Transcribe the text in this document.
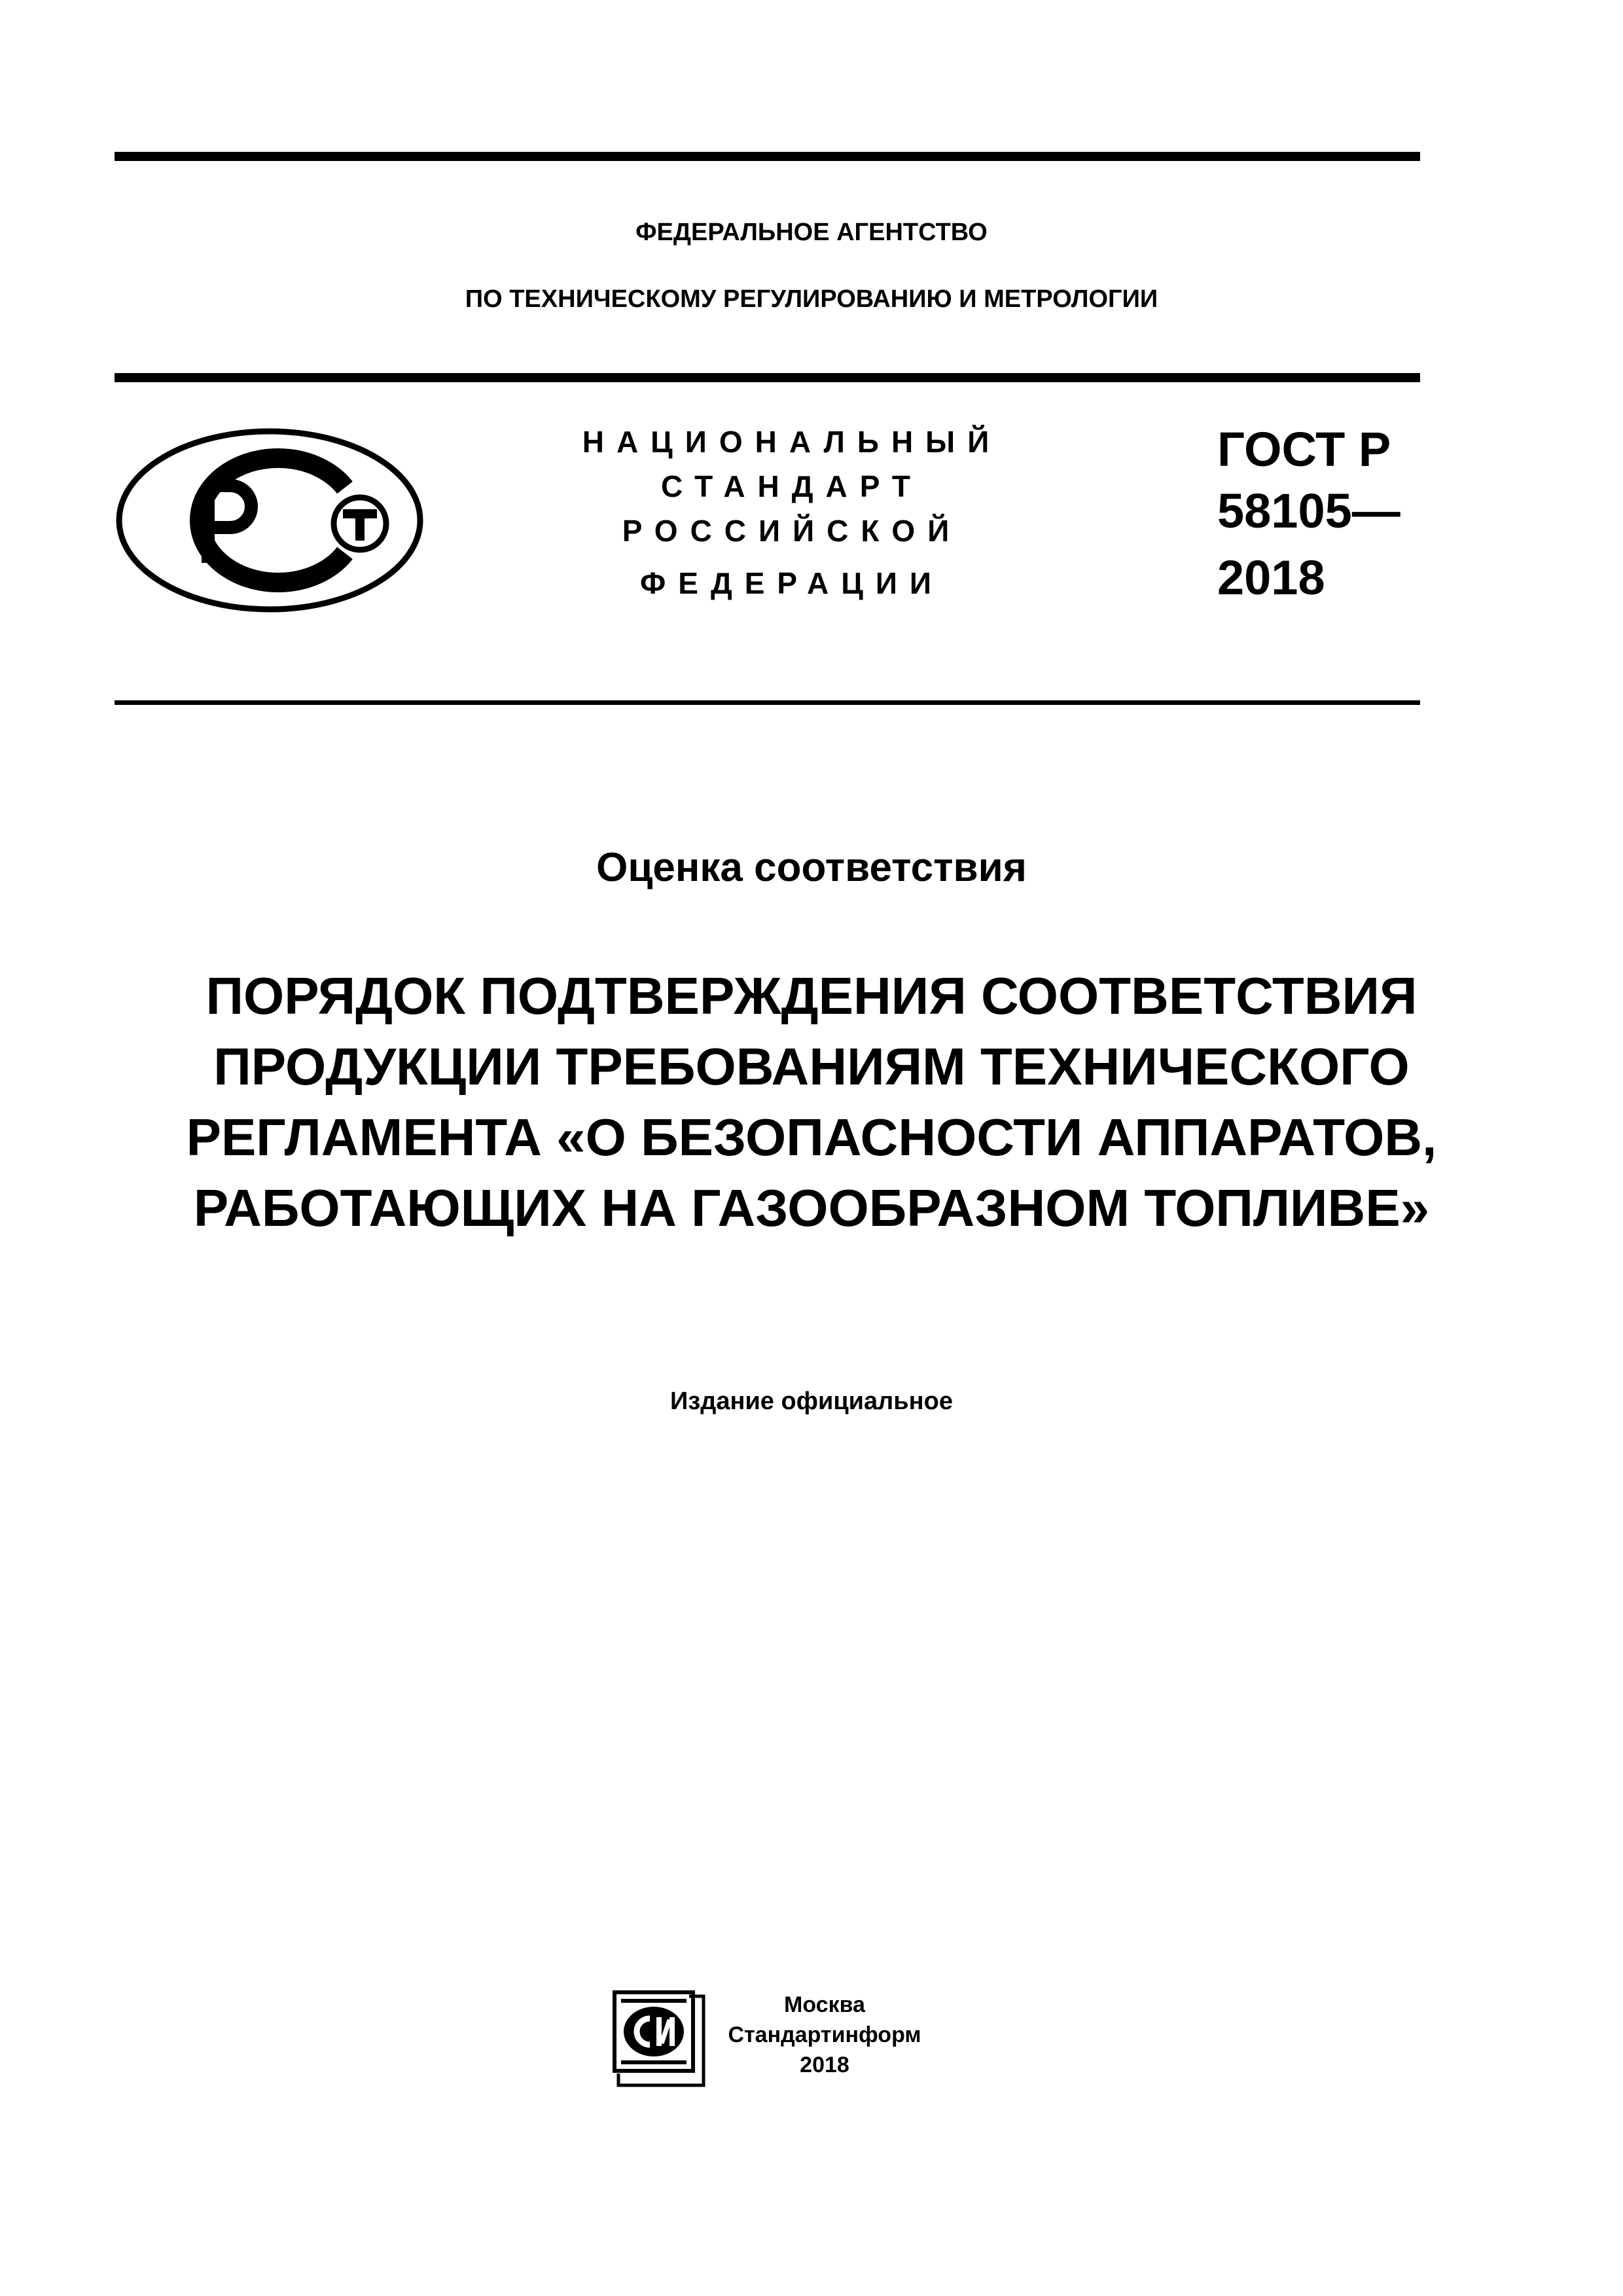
ФЕДЕРАЛЬНОЕ АГЕНТСТВО
ПО ТЕХНИЧЕСКОМУ РЕГУЛИРОВАНИЮ И МЕТРОЛОГИИ
НАЦИОНАЛЬНЫЙ
СТАНДАРТ
РОССИЙСКОЙ
ФЕДЕРАЦИИ
ГОСТ Р
58105—
2018
Оценка соответствия
ПОРЯДОК ПОДТВЕРЖДЕНИЯ СООТВЕТСТВИЯ
ПРОДУКЦИИ ТРЕБОВАНИЯМ ТЕХНИЧЕСКОГО
РЕГЛАМЕНТА «О БЕЗОПАСНОСТИ АППАРАТОВ,
РАБОТАЮЩИХ НА ГАЗООБРАЗНОМ ТОПЛИВЕ»
Издание официальное
Москва
Стандартинформ
2018
